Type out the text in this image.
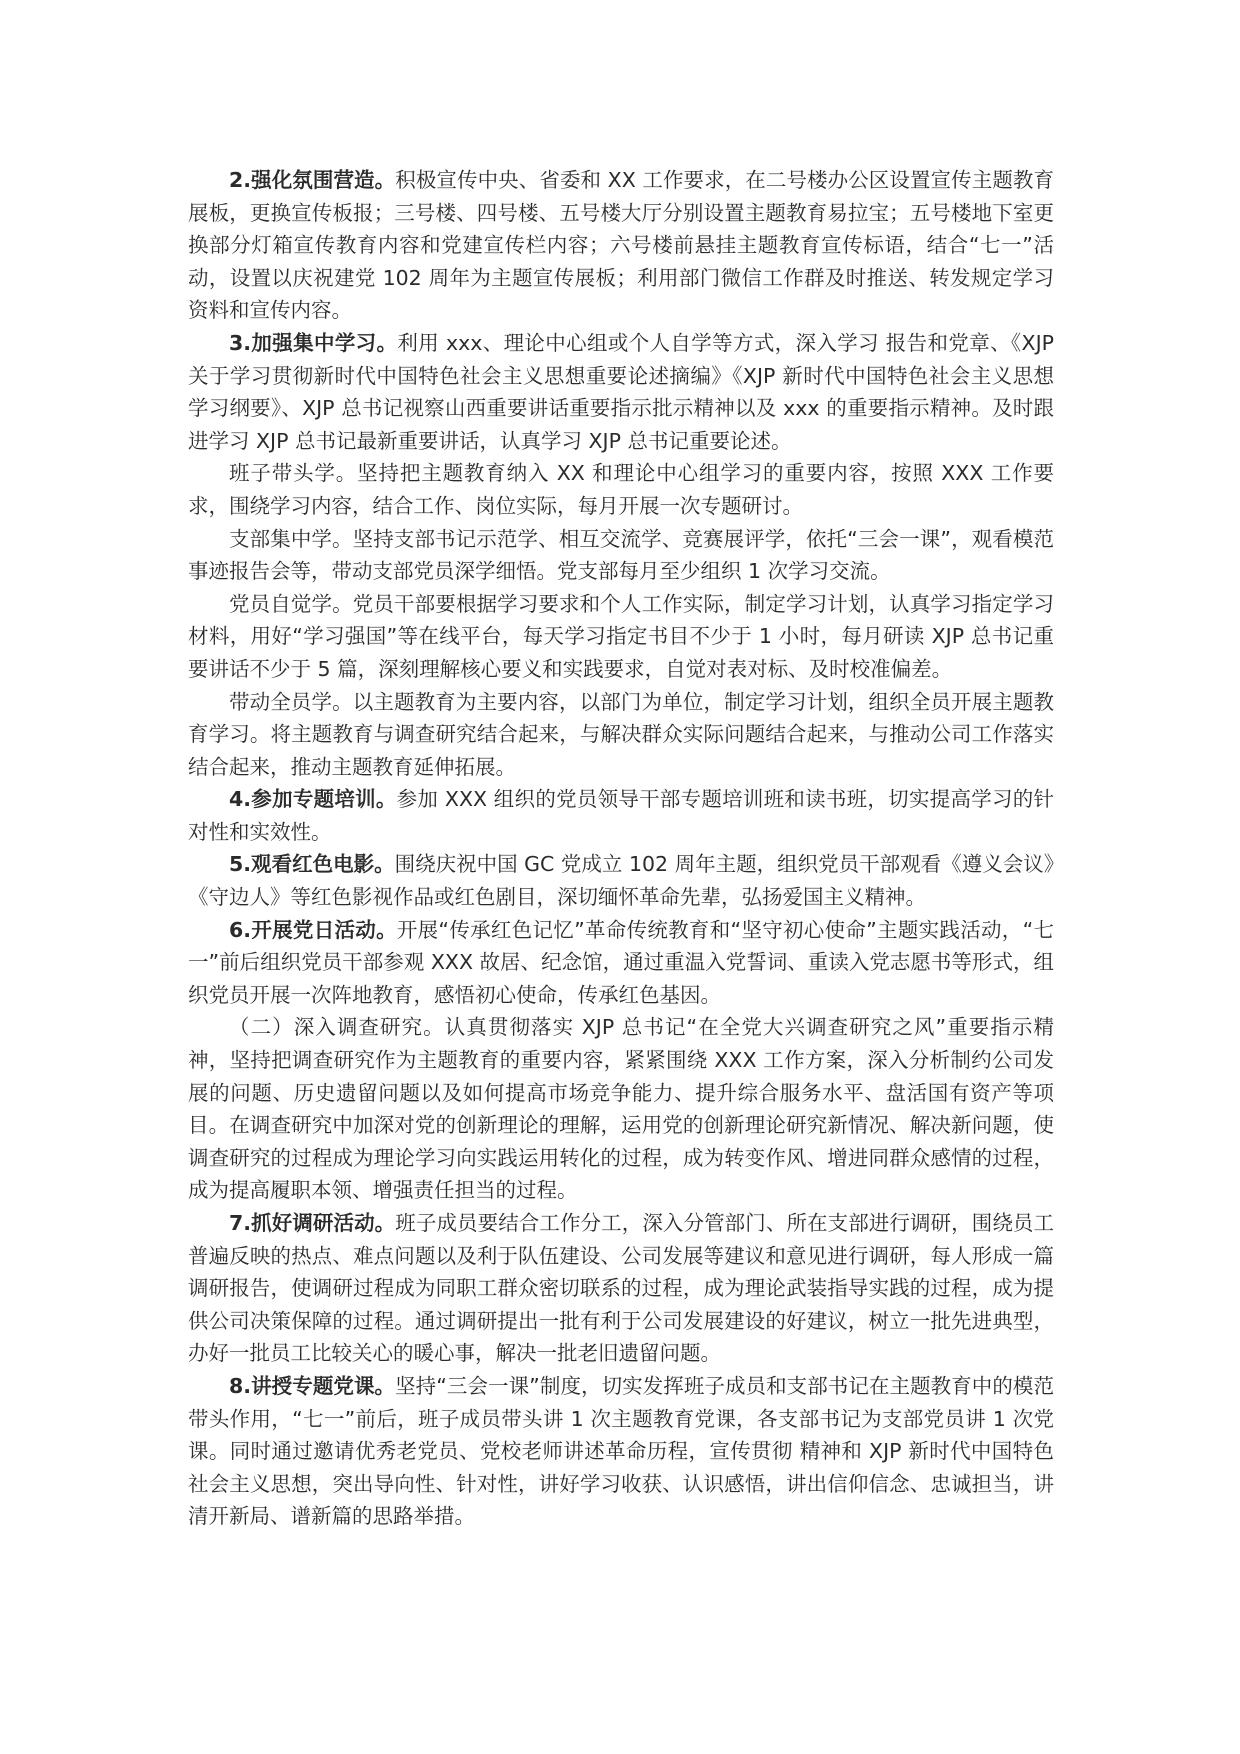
2.强化氛围营造。积极宣传中央、省委和 XX 工作要求，在二号楼办公区设置宣传主题教育展板，更换宣传板报；三号楼、四号楼、五号楼大厅分别设置主题教育易拉宝；五号楼地下室更换部分灯箱宣传教育内容和党建宣传栏内容；六号楼前悬挂主题教育宣传标语，结合“七一”活动，设置以庆祝建党 102 周年为主题宣传展板；利用部门微信工作群及时推送、转发规定学习资料和宣传内容。

3.加强集中学习。利用 xxx、理论中心组或个人自学等方式，深入学习 报告和党章、《XJP 关于学习贯彻新时代中国特色社会主义思想重要论述摘编》《XJP 新时代中国特色社会主义思想学习纲要》、XJP 总书记视察山西重要讲话重要指示批示精神以及 xxx 的重要指示精神。及时跟进学习 XJP 总书记最新重要讲话，认真学习 XJP 总书记重要论述。

班子带头学。坚持把主题教育纳入 XX 和理论中心组学习的重要内容，按照 XXX 工作要求，围绕学习内容，结合工作、岗位实际，每月开展一次专题研讨。

支部集中学。坚持支部书记示范学、相互交流学、竞赛展评学，依托“三会一课”，观看模范事迹报告会等，带动支部党员深学细悟。党支部每月至少组织 1 次学习交流。

党员自觉学。党员干部要根据学习要求和个人工作实际，制定学习计划，认真学习指定学习材料，用好“学习强国”等在线平台，每天学习指定书目不少于 1 小时，每月研读 XJP 总书记重要讲话不少于 5 篇，深刻理解核心要义和实践要求，自觉对表对标、及时校准偏差。

带动全员学。以主题教育为主要内容，以部门为单位，制定学习计划，组织全员开展主题教育学习。将主题教育与调查研究结合起来，与解决群众实际问题结合起来，与推动公司工作落实结合起来，推动主题教育延伸拓展。

4.参加专题培训。参加 XXX 组织的党员领导干部专题培训班和读书班，切实提高学习的针对性和实效性。

5.观看红色电影。围绕庆祝中国 GC 党成立 102 周年主题，组织党员干部观看《遵义会议》《守边人》等红色影视作品或红色剧目，深切缅怀革命先辈，弘扬爱国主义精神。

6.开展党日活动。开展“传承红色记忆”革命传统教育和“坚守初心使命”主题实践活动，“七一”前后组织党员干部参观 XXX 故居、纪念馆，通过重温入党誓词、重读入党志愿书等形式，组织党员开展一次阵地教育，感悟初心使命，传承红色基因。

（二）深入调查研究。认真贯彻落实 XJP 总书记“在全党大兴调查研究之风”重要指示精神，坚持把调查研究作为主题教育的重要内容，紧紧围绕 XXX 工作方案，深入分析制约公司发展的问题、历史遗留问题以及如何提高市场竞争能力、提升综合服务水平、盘活国有资产等项目。在调查研究中加深对党的创新理论的理解，运用党的创新理论研究新情况、解决新问题，使调查研究的过程成为理论学习向实践运用转化的过程，成为转变作风、增进同群众感情的过程，成为提高履职本领、增强责任担当的过程。

7.抓好调研活动。班子成员要结合工作分工，深入分管部门、所在支部进行调研，围绕员工普遍反映的热点、难点问题以及利于队伍建设、公司发展等建议和意见进行调研，每人形成一篇调研报告，使调研过程成为同职工群众密切联系的过程，成为理论武装指导实践的过程，成为提供公司决策保障的过程。通过调研提出一批有利于公司发展建设的好建议，树立一批先进典型，办好一批员工比较关心的暖心事，解决一批老旧遗留问题。

8.讲授专题党课。坚持“三会一课”制度，切实发挥班子成员和支部书记在主题教育中的模范带头作用，“七一”前后，班子成员带头讲 1 次主题教育党课，各支部书记为支部党员讲 1 次党课。同时通过邀请优秀老党员、党校老师讲述革命历程，宣传贯彻 精神和 XJP 新时代中国特色社会主义思想，突出导向性、针对性，讲好学习收获、认识感悟，讲出信仰信念、忠诚担当，讲清开新局、谱新篇的思路举措。
